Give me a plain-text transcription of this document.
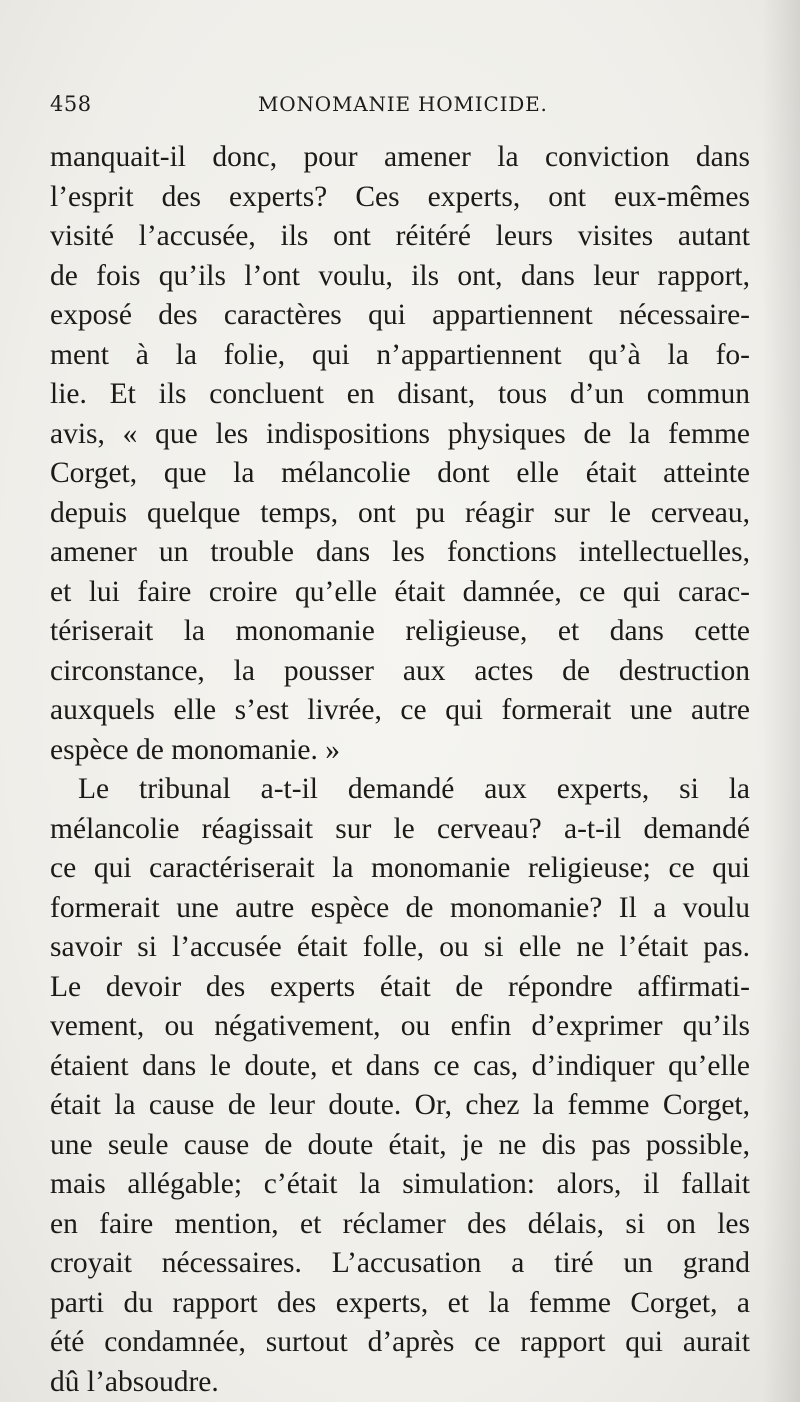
458	MONOMANIE HOMICIDE.
manquait-il donc, pour amener la conviction dans
l’esprit des experts? Ces experts, ont eux-mêmes
visité l’accusée, ils ont réitéré leurs visites autant
de fois qu’ils l’ont voulu, ils ont, dans leur rapport,
exposé des caractères qui appartiennent nécessaire-
ment à la folie, qui n’appartiennent qu’à la fo-
lie. Et ils concluent en disant, tous d’un commun
avis, « que les indispositions physiques de la femme
Corget, que la mélancolie dont elle était atteinte
depuis quelque temps, ont pu réagir sur le cerveau,
amener un trouble dans les fonctions intellectuelles,
et lui faire croire qu’elle était damnée, ce qui carac-
tériserait la monomanie religieuse, et dans cette
circonstance, la pousser aux actes de destruction
auxquels elle s’est livrée, ce qui formerait une autre
espèce de monomanie. »
Le tribunal a-t-il demandé aux experts, si la
mélancolie réagissait sur le cerveau? a-t-il demandé
ce qui caractériserait la monomanie religieuse; ce qui
formerait une autre espèce de monomanie? Il a voulu
savoir si l’accusée était folle, ou si elle ne l’était pas.
Le devoir des experts était de répondre affirmati-
vement, ou négativement, ou enfin d’exprimer qu’ils
étaient dans le doute, et dans ce cas, d’indiquer qu’elle
était la cause de leur doute. Or, chez la femme Corget,
une seule cause de doute était, je ne dis pas possible,
mais allégable; c’était la simulation: alors, il fallait
en faire mention, et réclamer des délais, si on les
croyait nécessaires. L’accusation a tiré un grand
parti du rapport des experts, et la femme Corget, a
été condamnée, surtout d’après ce rapport qui aurait
dû l’absoudre.
